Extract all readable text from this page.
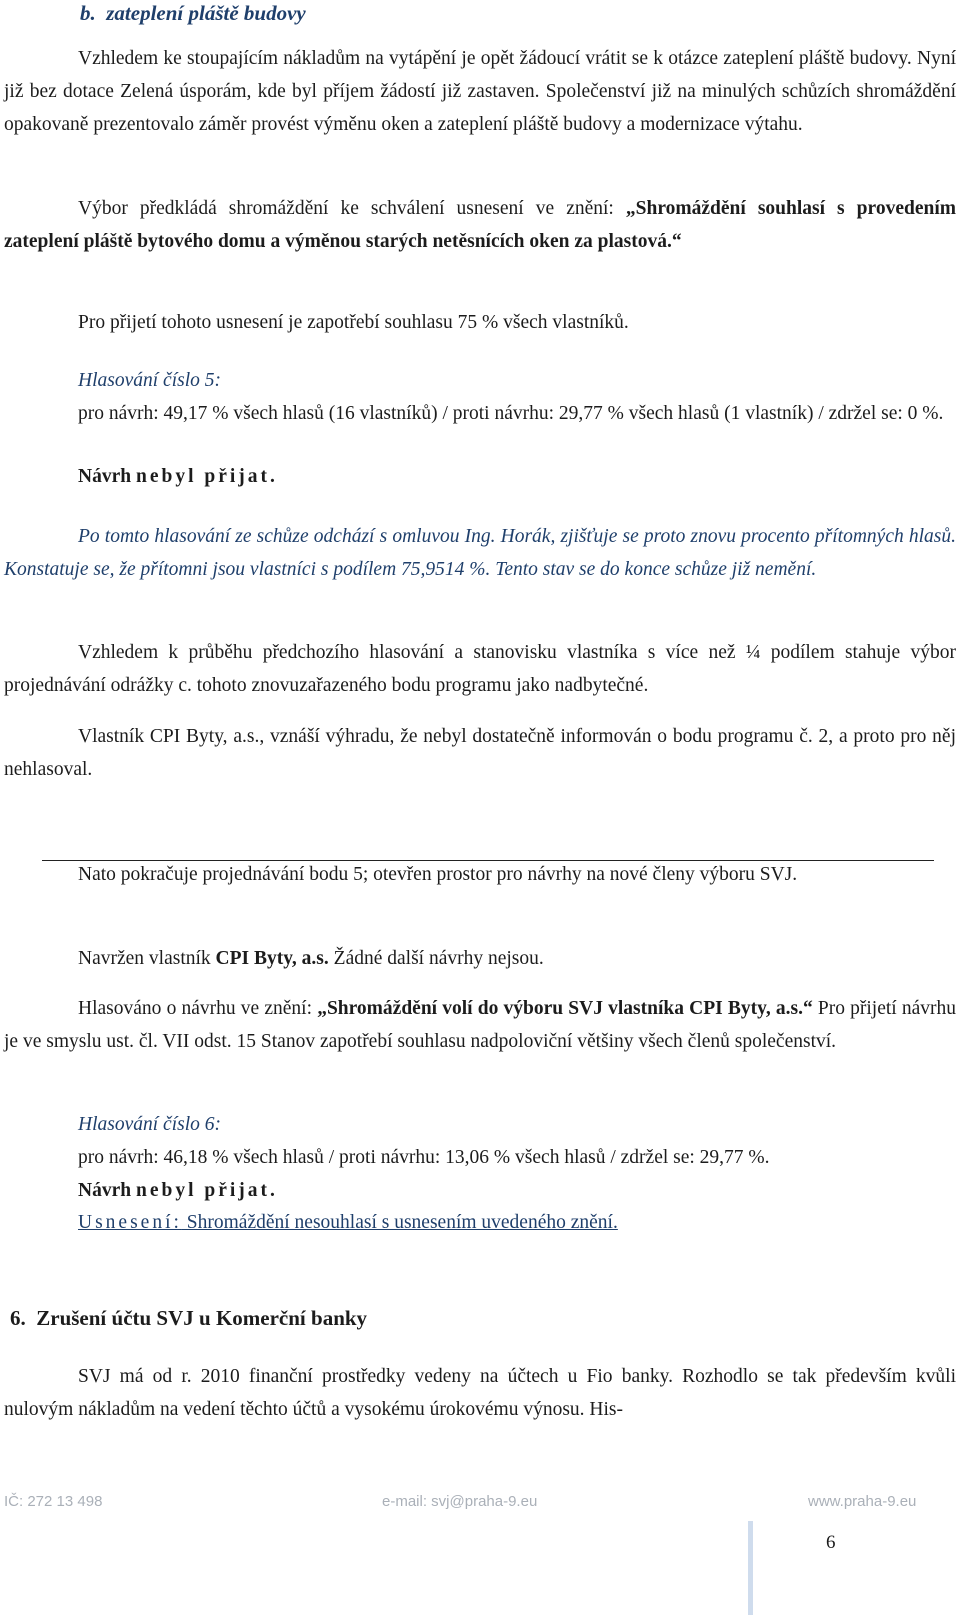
b.  zateplení pláště budovy

Vzhledem ke stoupajícím nákladům na vytápění je opět žádoucí vrátit se k otázce zateplení pláště budovy. Nyní již bez dotace Zelená úsporám, kde byl příjem žádostí již zastaven. Společenství již na minulých schůzích shromáždění opakovaně prezentovalo záměr provést výměnu oken a zateplení pláště budovy a modernizace výtahu.

Výbor předkládá shromáždění ke schválení usnesení ve znění: „Shromáždění souhlasí s provedením zateplení pláště bytového domu a výměnou starých netěsnících oken za plastová.“

Pro přijetí tohoto usnesení je zapotřebí souhlasu 75 % všech vlastníků.

Hlasování číslo 5:

pro návrh: 49,17 % všech hlasů (16 vlastníků) / proti návrhu: 29,77 % všech hlasů (1 vlastník) / zdržel se: 0 %.

Návrh nebyl přijat.

Po tomto hlasování ze schůze odchází s omluvou Ing. Horák, zjišťuje se proto znovu procento přítomných hlasů. Konstatuje se, že přítomni jsou vlastníci s podílem 75,9514 %. Tento stav se do konce schůze již nemění.

Vzhledem k průběhu předchozího hlasování a stanovisku vlastníka s více než ¼ podílem stahuje výbor projednávání odrážky c. tohoto znovuzařazeného bodu programu jako nadbytečné.

Vlastník CPI Byty, a.s., vznáší výhradu, že nebyl dostatečně informován o bodu programu č. 2, a proto pro něj nehlasoval.

Nato pokračuje projednávání bodu 5; otevřen prostor pro návrhy na nové členy výboru SVJ.

Navržen vlastník CPI Byty, a.s. Žádné další návrhy nejsou.

Hlasováno o návrhu ve znění: „Shromáždění volí do výboru SVJ vlastníka CPI Byty, a.s.“ Pro přijetí návrhu je ve smyslu ust. čl. VII odst. 15 Stanov zapotřebí souhlasu nadpoloviční většiny všech členů společenství.

Hlasování číslo 6:

pro návrh: 46,18 % všech hlasů / proti návrhu: 13,06 % všech hlasů / zdržel se: 29,77 %.

Návrh nebyl přijat.

Usnesení: Shromáždění nesouhlasí s usnesením uvedeného znění.

6.  Zrušení účtu SVJ u Komerční banky

SVJ má od r. 2010 finanční prostředky vedeny na účtech u Fio banky. Rozhodlo se tak především kvůli nulovým nákladům na vedení těchto účtů a vysokému úrokovému výnosu. His-

IČ: 272 13 498	e-mail: svj@praha-9.eu	www.praha-9.eu
6
